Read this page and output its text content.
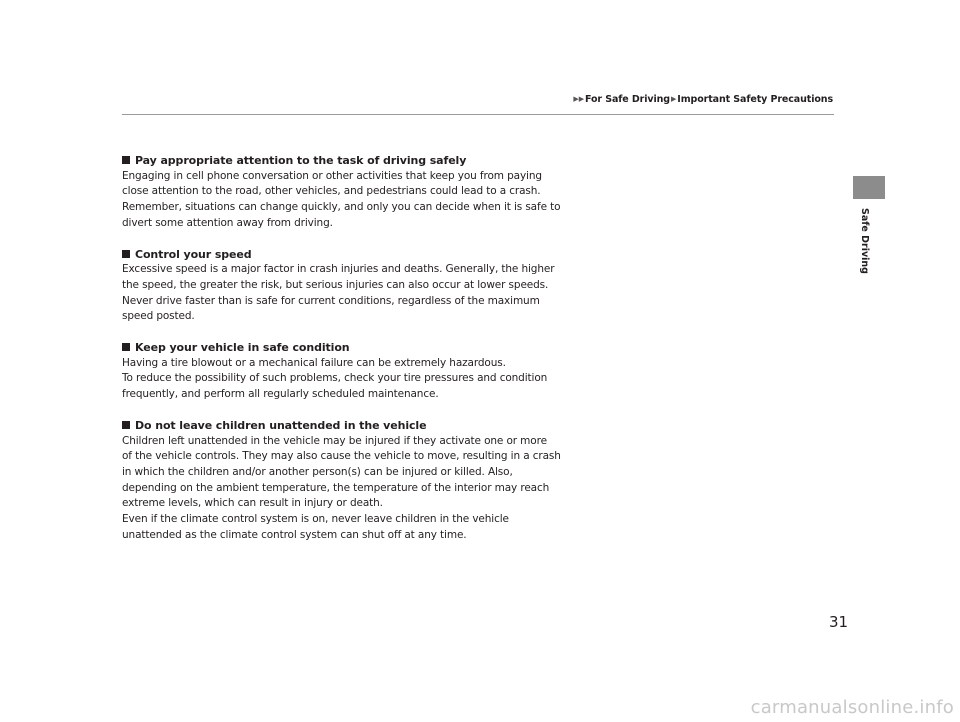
▶▶For Safe Driving▶Important Safety Precautions
Safe Driving
Pay appropriate attention to the task of driving safely
Engaging in cell phone conversation or other activities that keep you from paying
close attention to the road, other vehicles, and pedestrians could lead to a crash.
Remember, situations can change quickly, and only you can decide when it is safe to
divert some attention away from driving.
Control your speed
Excessive speed is a major factor in crash injuries and deaths. Generally, the higher
the speed, the greater the risk, but serious injuries can also occur at lower speeds.
Never drive faster than is safe for current conditions, regardless of the maximum
speed posted.
Keep your vehicle in safe condition
Having a tire blowout or a mechanical failure can be extremely hazardous.
To reduce the possibility of such problems, check your tire pressures and condition
frequently, and perform all regularly scheduled maintenance.
Do not leave children unattended in the vehicle
Children left unattended in the vehicle may be injured if they activate one or more
of the vehicle controls. They may also cause the vehicle to move, resulting in a crash
in which the children and/or another person(s) can be injured or killed. Also,
depending on the ambient temperature, the temperature of the interior may reach
extreme levels, which can result in injury or death.
Even if the climate control system is on, never leave children in the vehicle
unattended as the climate control system can shut off at any time.
31
carmanualsonline.info
